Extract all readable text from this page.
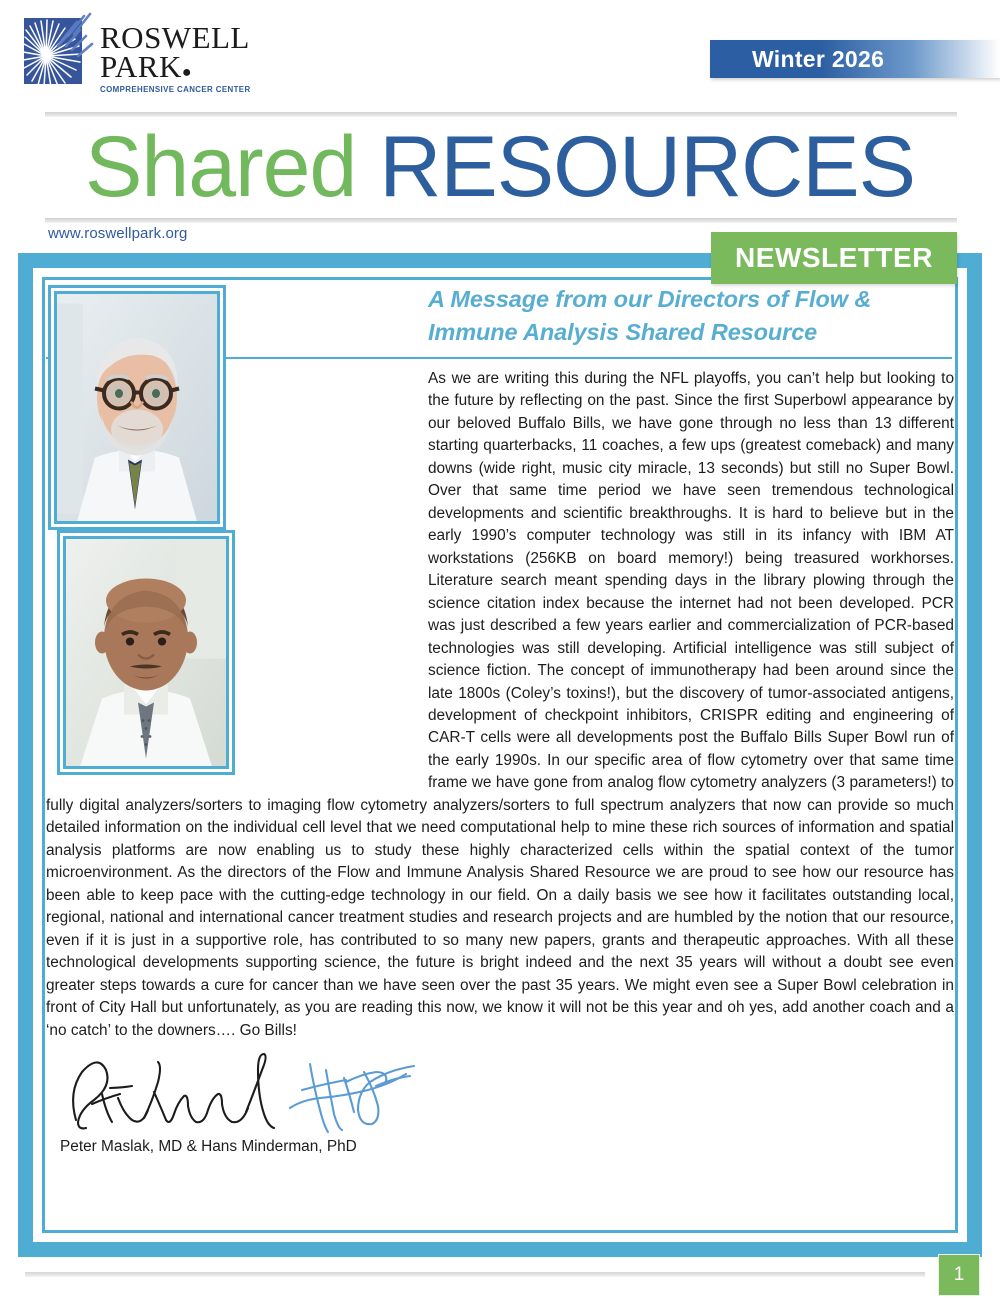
ROSWELL
PARK●
COMPREHENSIVE CANCER CENTER
Winter 2026
Shared RESOURCES
www.roswellpark.org
NEWSLETTER

A Message from our Directors of Flow & Immune Analysis Shared Resource

As we are writing this during the NFL playoffs, you can’t help but looking to the future by reflecting on the past. Since the first Superbowl appearance by our beloved Buffalo Bills, we have gone through no less than 13 different starting quarterbacks, 11 coaches, a few ups (greatest comeback) and many downs (wide right, music city miracle, 13 seconds) but still no Super Bowl. Over that same time period we have seen tremendous technological developments and scientific breakthroughs. It is hard to believe but in the early 1990’s computer technology was still in its infancy with IBM AT workstations (256KB on board memory!) being treasured workhorses. Literature search meant spending days in the library plowing through the science citation index because the internet had not been developed. PCR was just described a few years earlier and commercialization of PCR-based technologies was still developing. Artificial intelligence was still subject of science fiction. The concept of immunotherapy had been around since the late 1800s (Coley’s toxins!), but the discovery of tumor-associated antigens, development of checkpoint inhibitors, CRISPR editing and engineering of CAR-T cells were all developments post the Buffalo Bills Super Bowl run of the early 1990s. In our specific area of flow cytometry over that same time frame we have gone from analog flow cytometry analyzers (3 parameters!) to fully digital analyzers/sorters to imaging flow cytometry analyzers/sorters to full spectrum analyzers that now can provide so much detailed information on the individual cell level that we need computational help to mine these rich sources of information and spatial analysis platforms are now enabling us to study these highly characterized cells within the spatial context of the tumor microenvironment. As the directors of the Flow and Immune Analysis Shared Resource we are proud to see how our resource has been able to keep pace with the cutting-edge technology in our field. On a daily basis we see how it facilitates outstanding local, regional, national and international cancer treatment studies and research projects and are humbled by the notion that our resource, even if it is just in a supportive role, has contributed to so many new papers, grants and therapeutic approaches. With all these technological developments supporting science, the future is bright indeed and the next 35 years will without a doubt see even greater steps towards a cure for cancer than we have seen over the past 35 years. We might even see a Super Bowl celebration in front of City Hall but unfortunately, as you are reading this now, we know it will not be this year and oh yes, add another coach and a ‘no catch’ to the downers…. Go Bills!

Peter Maslak, MD & Hans Minderman, PhD
1
